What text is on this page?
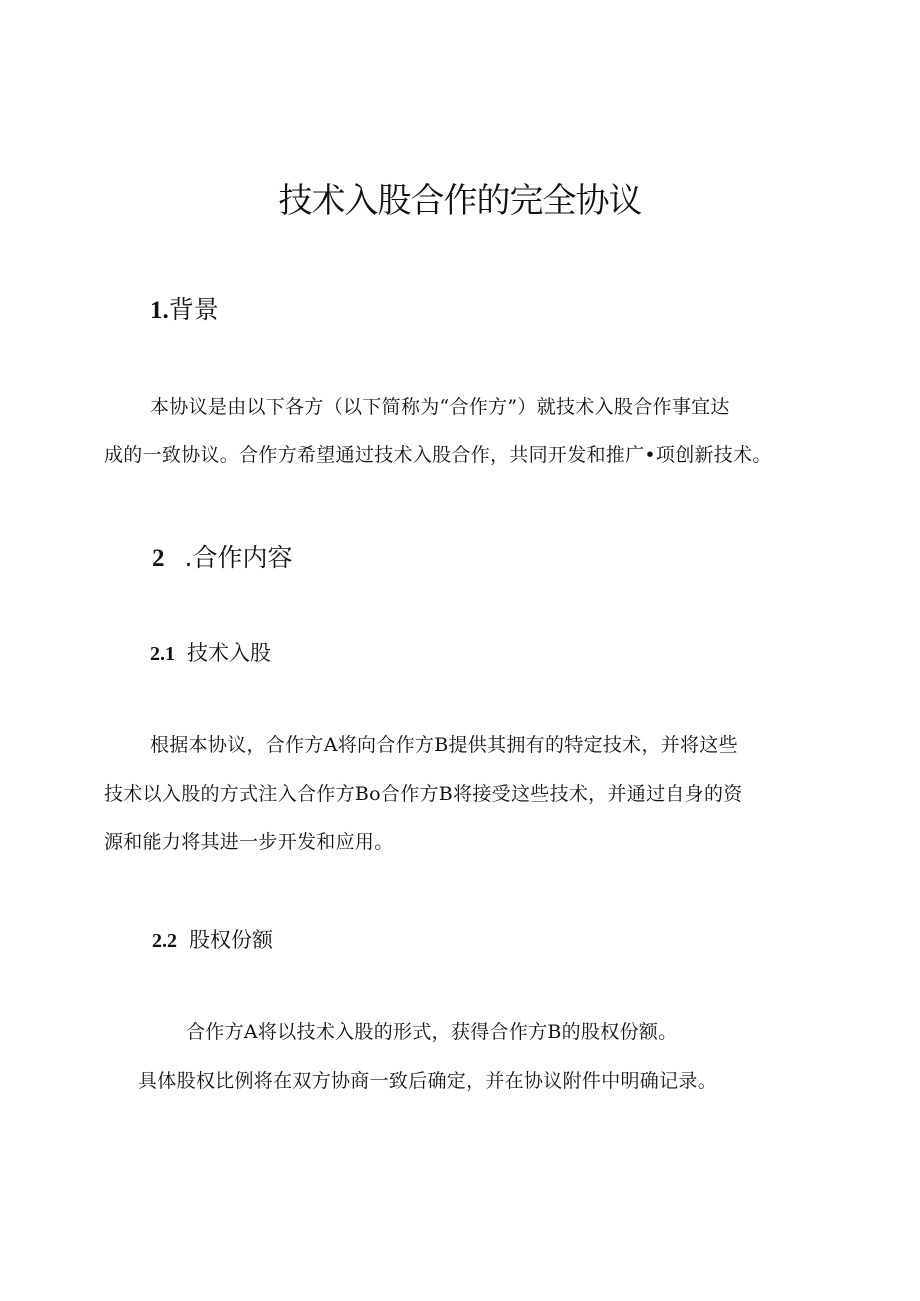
技术入股合作的完全协议
1.背景

本协议是由以下各方（以下简称为“合作方”）就技术入股合作事宜达

成的一致协议。合作方希望通过技术入股合作，共同开发和推广•项创新技术。

2 .合作内容
2.1 技术入股

根据本协议，合作方A将向合作方B提供其拥有的特定技术，并将这些

技术以入股的方式注入合作方Bo合作方B将接受这些技术，并通过自身的资

源和能力将其进一步开发和应用。

2.2 股权份额

合作方A将以技术入股的形式，获得合作方B的股权份额。

具体股权比例将在双方协商一致后确定，并在协议附件中明确记录。
